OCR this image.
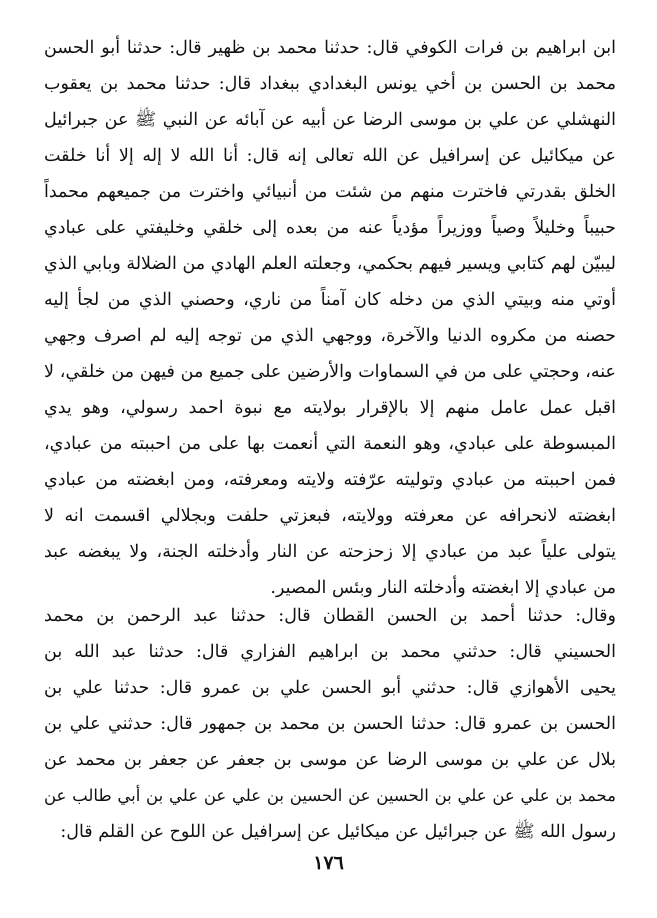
ابن ابراهيم بن فرات الكوفي قال: حدثنا محمد بن ظهير قال: حدثنا أبو الحسن
محمد بن الحسن بن أخي يونس البغدادي ببغداد قال: حدثنا محمد بن يعقوب
النهشلي عن علي بن موسى الرضا عن أبيه عن آبائه عن النبي ﷺ عن جبرائيل
عن ميكائيل عن إسرافيل عن الله تعالى إنه قال: أنا الله لا إله إلا أنا خلقت
الخلق بقدرتي فاخترت منهم من شئت من أنبيائي واخترت من جميعهم محمداً
حبيباً وخليلاً وصياً ووزيراً مؤدياً عنه من بعده إلى خلقي وخليفتي على عبادي
ليبيّن لهم كتابي ويسير فيهم بحكمي، وجعلته العلم الهادي من الضلالة وبابي الذي
أوتي منه وبيتي الذي من دخله كان آمناً من ناري، وحصني الذي من لجأ إليه
حصنه من مكروه الدنيا والآخرة، ووجهي الذي من توجه إليه لم اصرف وجهي
عنه، وحجتي على من في السماوات والأرضين على جميع من فيهن من خلقي، لا
اقبل عمل عامل منهم إلا بالإقرار بولايته مع نبوة احمد رسولي، وهو يدي
المبسوطة على عبادي، وهو النعمة التي أنعمت بها على من احببته من عبادي،
فمن احببته من عبادي وتوليته عرّفته ولايته ومعرفته، ومن ابغضته من عبادي
ابغضته لانحرافه عن معرفته وولايته، فبعزتي حلفت وبجلالي اقسمت انه لا
يتولى علياً عبد من عبادي إلا زحزحته عن النار وأدخلته الجنة، ولا يبغضه عبد
من عبادي إلا ابغضته وأدخلته النار وبئس المصير.
وقال: حدثنا أحمد بن الحسن القطان قال: حدثنا عبد الرحمن بن محمد
الحسيني قال: حدثني محمد بن ابراهيم الفزاري قال: حدثنا عبد الله بن
يحيى الأهوازي قال: حدثني أبو الحسن علي بن عمرو قال: حدثنا علي بن
الحسن بن عمرو قال: حدثنا الحسن بن محمد بن جمهور قال: حدثني علي بن
بلال عن علي بن موسى الرضا عن موسى بن جعفر عن جعفر بن محمد عن
محمد بن علي عن علي بن الحسين عن الحسين بن علي عن علي بن أبي طالب عن
رسول الله ﷺ عن جبرائيل عن ميكائيل عن إسرافيل عن اللوح عن القلم قال:
١٧٦
